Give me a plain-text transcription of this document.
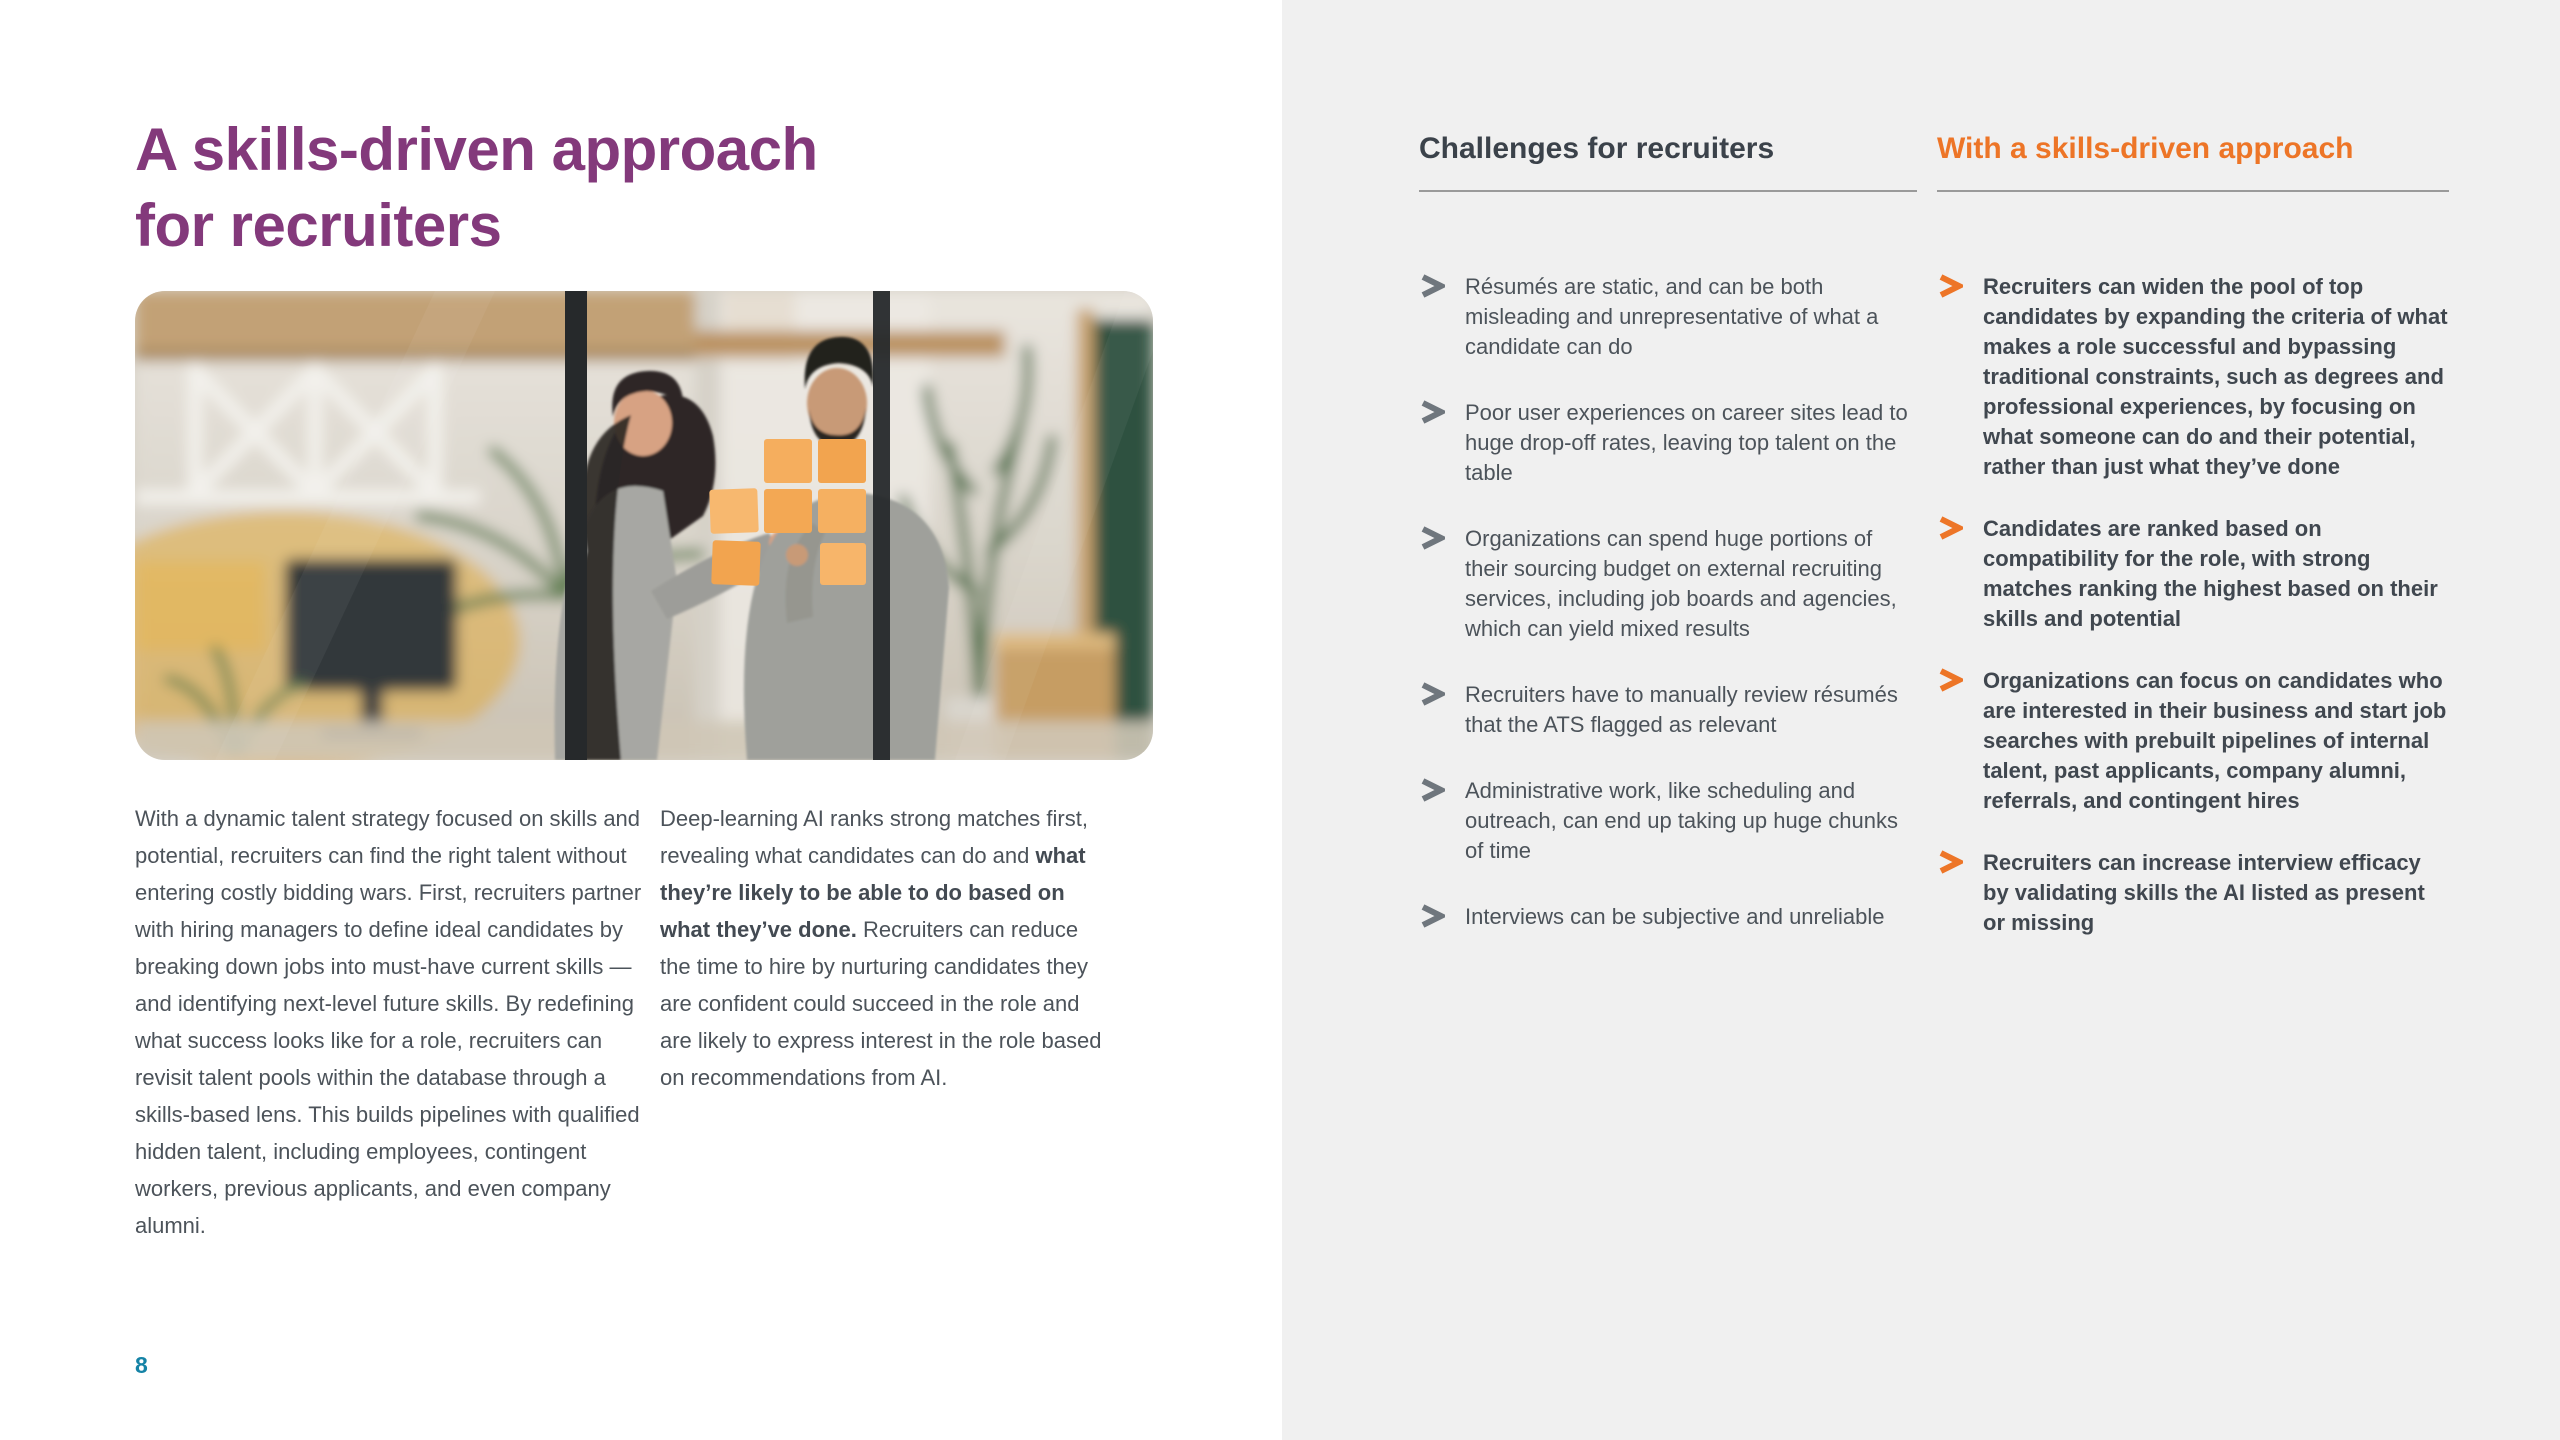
A skills-driven approach
for recruiters

With a dynamic talent strategy focused on skills and potential, recruiters can find the right talent without entering costly bidding wars. First, recruiters partner with hiring managers to define ideal candidates by breaking down jobs into must-have current skills — and identifying next-level future skills. By redefining what success looks like for a role, recruiters can revisit talent pools within the database through a skills-based lens. This builds pipelines with qualified hidden talent, including employees, contingent workers, previous applicants, and even company alumni.

Deep-learning AI ranks strong matches first, revealing what candidates can do and what they’re likely to be able to do based on what they’ve done. Recruiters can reduce the time to hire by nurturing candidates they are confident could succeed in the role and are likely to express interest in the role based on recommendations from AI.

8
Challenges for recruiters
Résumés are static, and can be both misleading and unrepresentative of what a candidate can do
Poor user experiences on career sites lead to huge drop-off rates, leaving top talent on the table
Organizations can spend huge portions of their sourcing budget on external recruiting services, including job boards and agencies, which can yield mixed results
Recruiters have to manually review résumés that the ATS flagged as relevant
Administrative work, like scheduling and outreach, can end up taking up huge chunks of time
Interviews can be subjective and unreliable
With a skills-driven approach
Recruiters can widen the pool of top candidates by expanding the criteria of what makes a role successful and bypassing traditional constraints, such as degrees and professional experiences, by focusing on what someone can do and their potential, rather than just what they’ve done
Candidates are ranked based on compatibility for the role, with strong matches ranking the highest based on their skills and potential
Organizations can focus on candidates who are interested in their business and start job searches with prebuilt pipelines of internal talent, past applicants, company alumni, referrals, and contingent hires
Recruiters can increase interview efficacy by validating skills the AI listed as present or missing
